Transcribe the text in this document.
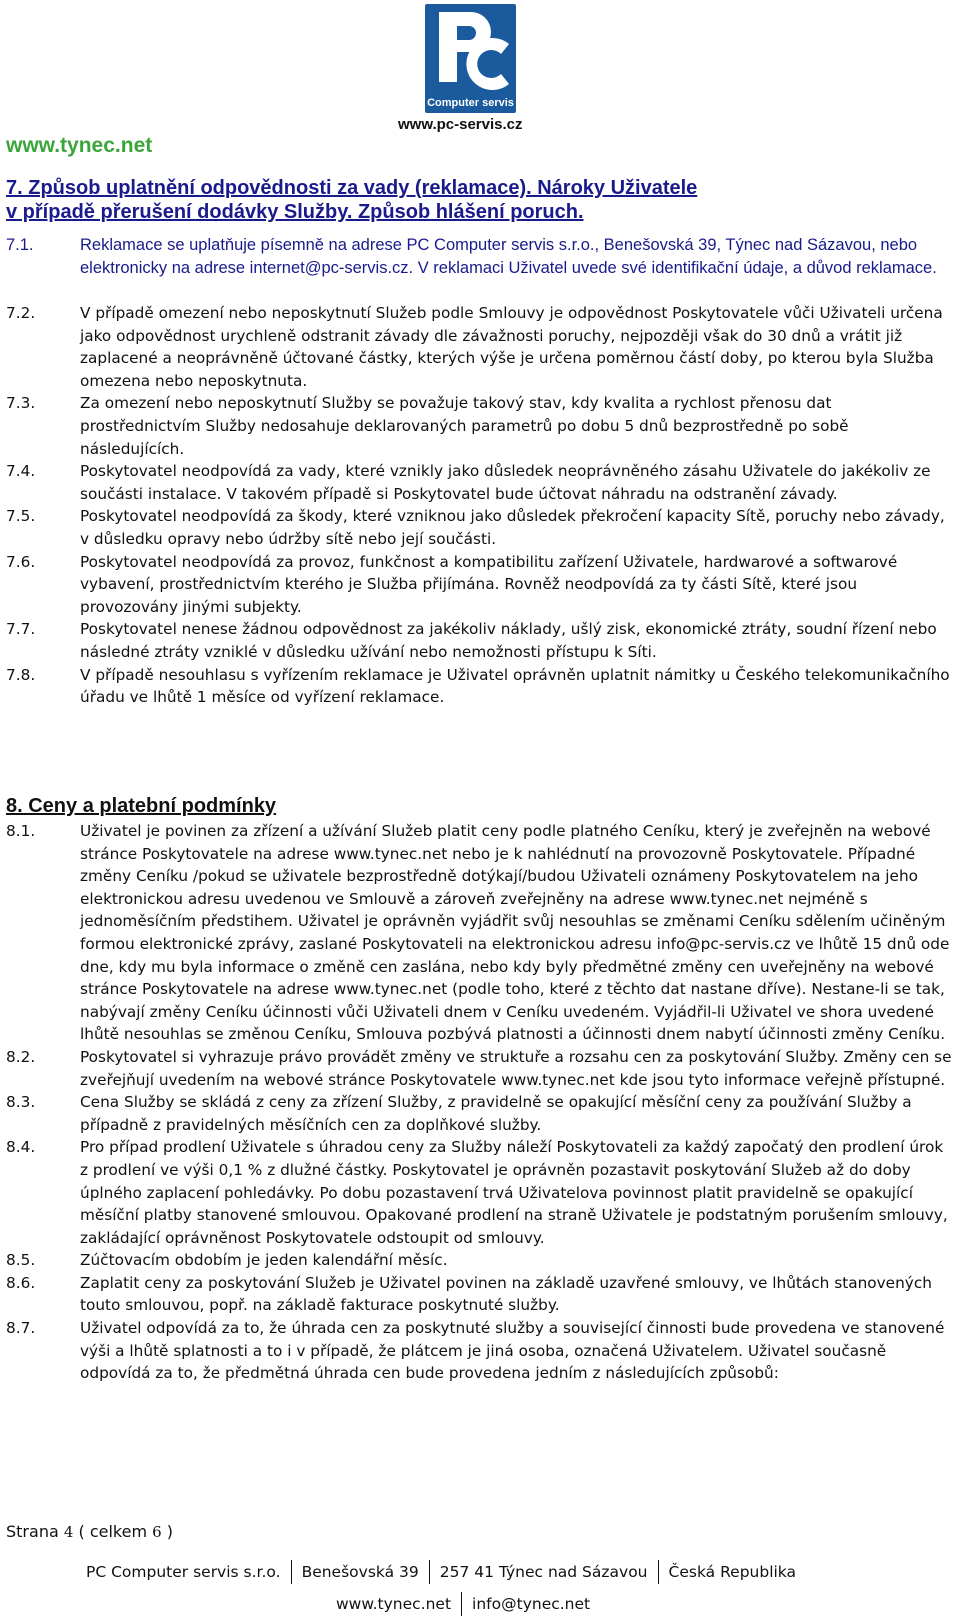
Computer servis
www.tynec.net
www.pc-servis.cz
7. Způsob uplatnění odpovědnosti za vady (reklamace). Nároky Uživatele
v případě přerušení dodávky Služby. Způsob hlášení poruch.
7.1.	Reklamace se uplatňuje písemně na adrese PC Computer servis s.r.o., Benešovská 39, Týnec nad Sázavou, nebo elektronicky na adrese internet@pc-servis.cz. V reklamaci Uživatel uvede své identifikační údaje, a důvod reklamace.
7.2.	V případě omezení nebo neposkytnutí Služeb podle Smlouvy je odpovědnost Poskytovatele vůči Uživateli určena jako odpovědnost urychleně odstranit závady dle závažnosti poruchy, nejpozději však do 30 dnů a vrátit již zaplacené a neoprávněně účtované částky, kterých výše je určena poměrnou částí doby, po kterou byla Služba omezena nebo neposkytnuta.
7.3.	Za omezení nebo neposkytnutí Služby se považuje takový stav, kdy kvalita a rychlost přenosu dat prostřednictvím Služby nedosahuje deklarovaných parametrů po dobu 5 dnů bezprostředně po sobě následujících.
7.4.	Poskytovatel neodpovídá za vady, které vznikly jako důsledek neoprávněného zásahu Uživatele do jakékoliv ze součásti instalace. V takovém případě si Poskytovatel bude účtovat náhradu na odstranění závady.
7.5.	Poskytovatel neodpovídá za škody, které vzniknou jako důsledek překročení kapacity Sítě, poruchy nebo závady, v důsledku opravy nebo údržby sítě nebo její součásti.
7.6.	Poskytovatel neodpovídá za provoz, funkčnost a kompatibilitu zařízení Uživatele, hardwarové a softwarové vybavení, prostřednictvím kterého je Služba přijímána. Rovněž neodpovídá za ty části Sítě, které jsou provozovány jinými subjekty.
7.7.	Poskytovatel nenese žádnou odpovědnost za jakékoliv náklady, ušlý zisk, ekonomické ztráty, soudní řízení nebo následné ztráty vzniklé v důsledku užívání nebo nemožnosti přístupu k Síti.
7.8.	V případě nesouhlasu s vyřízením reklamace je Uživatel oprávněn uplatnit námitky u Českého telekomunikačního úřadu ve lhůtě 1 měsíce od vyřízení reklamace.
8. Ceny a platební podmínky
8.1.	Uživatel je povinen za zřízení a užívání Služeb platit ceny podle platného Ceníku, který je zveřejněn na webové stránce Poskytovatele na adrese www.tynec.net nebo je k nahlédnutí na provozovně Poskytovatele. Případné změny Ceníku /pokud se uživatele bezprostředně dotýkají/budou Uživateli oznámeny Poskytovatelem na jeho elektronickou adresu uvedenou ve Smlouvě a zároveň zveřejněny na adrese www.tynec.net nejméně s jednoměsíčním předstihem. Uživatel je oprávněn vyjádřit svůj nesouhlas se změnami Ceníku sdělením učiněným formou elektronické zprávy, zaslané Poskytovateli na elektronickou adresu info@pc-servis.cz ve lhůtě 15 dnů ode dne, kdy mu byla informace o změně cen zaslána, nebo kdy byly předmětné změny cen uveřejněny na webové stránce Poskytovatele na adrese www.tynec.net (podle toho, které z těchto dat nastane dříve). Nestane-li se tak, nabývají změny Ceníku účinnosti vůči Uživateli dnem v Ceníku uvedeném. Vyjádřil-li Uživatel ve shora uvedené lhůtě nesouhlas se změnou Ceníku, Smlouva pozbývá platnosti a účinnosti dnem nabytí účinnosti změny Ceníku.
8.2.	Poskytovatel si vyhrazuje právo provádět změny ve struktuře a rozsahu cen za poskytování Služby. Změny cen se zveřejňují uvedením na webové stránce Poskytovatele www.tynec.net kde jsou tyto informace veřejně přístupné.
8.3.	Cena Služby se skládá z ceny za zřízení Služby, z pravidelně se opakující měsíční ceny za používání Služby a případně z pravidelných měsíčních cen za doplňkové služby.
8.4.	Pro případ prodlení Uživatele s úhradou ceny za Služby náleží Poskytovateli za každý započatý den prodlení úrok z prodlení ve výši 0,1 % z dlužné částky. Poskytovatel je oprávněn pozastavit poskytování Služeb až do doby úplného zaplacení pohledávky. Po dobu pozastavení trvá Uživatelova povinnost platit pravidelně se opakující měsíční platby stanovené smlouvou. Opakované prodlení na straně Uživatele je podstatným porušením smlouvy, zakládající oprávněnost Poskytovatele odstoupit od smlouvy.
8.5.	Zúčtovacím obdobím je jeden kalendářní měsíc.
8.6.	Zaplatit ceny za poskytování Služeb je Uživatel povinen na základě uzavřené smlouvy, ve lhůtách stanovených touto smlouvou, popř. na základě fakturace poskytnuté služby.
8.7.	Uživatel odpovídá za to, že úhrada cen za poskytnuté služby a související činnosti bude provedena ve stanovené výši a lhůtě splatnosti a to i v případě, že plátcem je jiná osoba, označená Uživatelem. Uživatel současně odpovídá za to, že předmětná úhrada cen bude provedena jedním z následujících způsobů:
Strana 4 ( celkem 6 )
PC Computer servis s.r.o. Benešovská 39 257 41 Týnec nad Sázavou Česká Republika
www.tynec.net info@tynec.net
